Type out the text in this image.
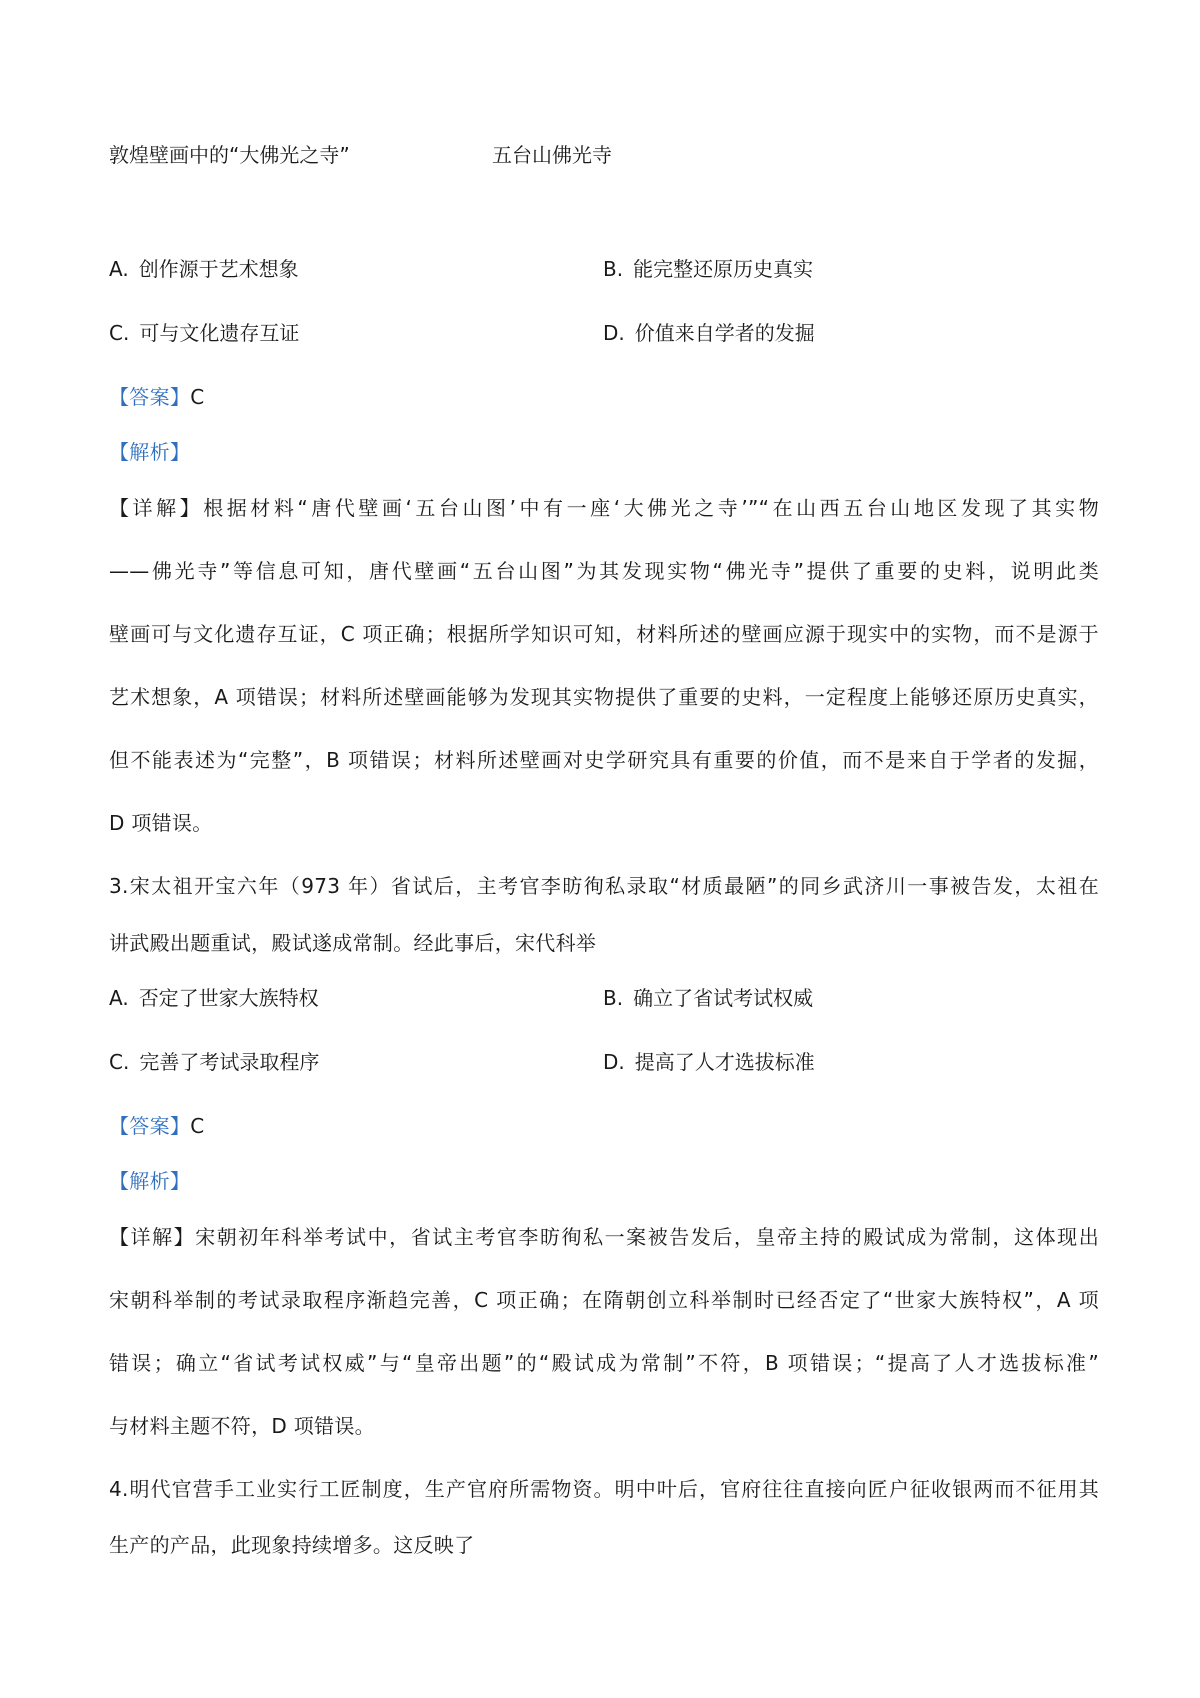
敦煌壁画中的“大佛光之寺”	五台山佛光寺
A. 创作源于艺术想象	B. 能完整还原历史真实
C. 可与文化遗存互证	D. 价值来自学者的发掘
【答案】C
【解析】
【详解】根据材料“唐代壁画‘五台山图’中有一座‘大佛光之寺’”“在山西五台山地区发现了其实物
——佛光寺”等信息可知，唐代壁画“五台山图”为其发现实物“佛光寺”提供了重要的史料，说明此类
壁画可与文化遗存互证，C 项正确；根据所学知识可知，材料所述的壁画应源于现实中的实物，而不是源于
艺术想象，A 项错误；材料所述壁画能够为发现其实物提供了重要的史料，一定程度上能够还原历史真实，
但不能表述为“完整”，B 项错误；材料所述壁画对史学研究具有重要的价值，而不是来自于学者的发掘，
D 项错误。
3.宋太祖开宝六年（973 年）省试后，主考官李昉徇私录取“材质最陋”的同乡武济川一事被告发，太祖在
讲武殿出题重试，殿试遂成常制。经此事后，宋代科举
A. 否定了世家大族特权	B. 确立了省试考试权威
C. 完善了考试录取程序	D. 提高了人才选拔标准
【答案】C
【解析】
【详解】宋朝初年科举考试中，省试主考官李昉徇私一案被告发后，皇帝主持的殿试成为常制，这体现出
宋朝科举制的考试录取程序渐趋完善，C 项正确；在隋朝创立科举制时已经否定了“世家大族特权”，A 项
错误；确立“省试考试权威”与“皇帝出题”的“殿试成为常制”不符，B 项错误；“提高了人才选拔标准”
与材料主题不符，D 项错误。
4.明代官营手工业实行工匠制度，生产官府所需物资。明中叶后，官府往往直接向匠户征收银两而不征用其
生产的产品，此现象持续增多。这反映了
